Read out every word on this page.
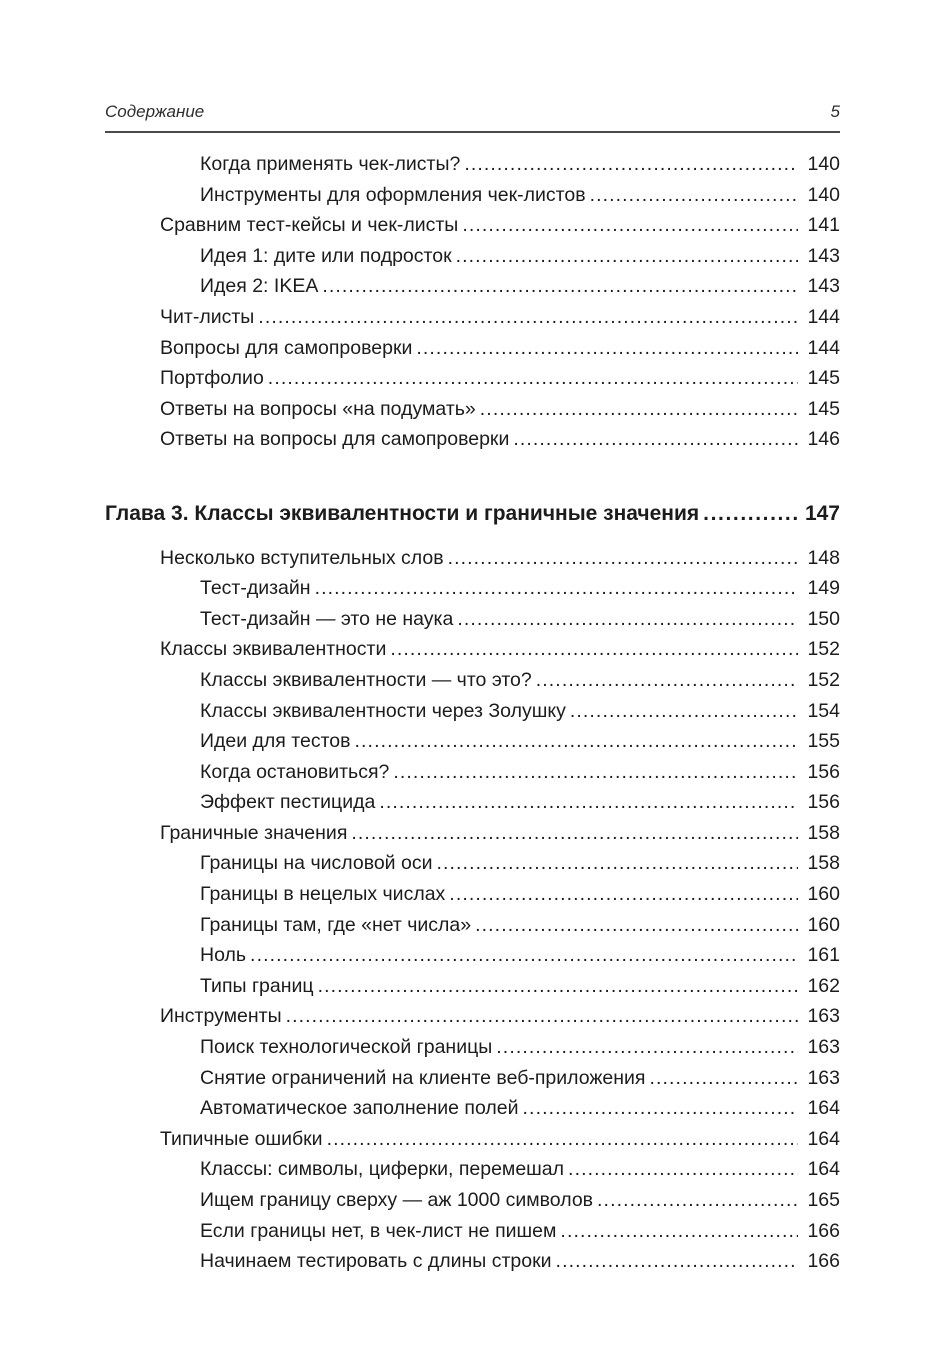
Содержание	5
Когда применять чек-листы? .....	140
Инструменты для оформления чек-листов .....	140
Сравним тест-кейсы и чек-листы .....	141
Идея 1: дите или подросток .....	143
Идея 2: IKEA .....	143
Чит-листы .....	144
Вопросы для самопроверки .....	144
Портфолио .....	145
Ответы на вопросы «на подумать» .....	145
Ответы на вопросы для самопроверки .....	146
Глава 3. Классы эквивалентности и граничные значения .....	147
Несколько вступительных слов .....	148
Тест-дизайн .....	149
Тест-дизайн — это не наука .....	150
Классы эквивалентности .....	152
Классы эквивалентности — что это? .....	152
Классы эквивалентности через Золушку .....	154
Идеи для тестов .....	155
Когда остановиться? .....	156
Эффект пестицида .....	156
Граничные значения .....	158
Границы на числовой оси .....	158
Границы в нецелых числах .....	160
Границы там, где «нет числа» .....	160
Ноль .....	161
Типы границ .....	162
Инструменты .....	163
Поиск технологической границы .....	163
Снятие ограничений на клиенте веб-приложения .....	163
Автоматическое заполнение полей .....	164
Типичные ошибки .....	164
Классы: символы, циферки, перемешал .....	164
Ищем границу сверху — аж 1000 символов .....	165
Если границы нет, в чек-лист не пишем .....	166
Начинаем тестировать с длины строки .....	166
